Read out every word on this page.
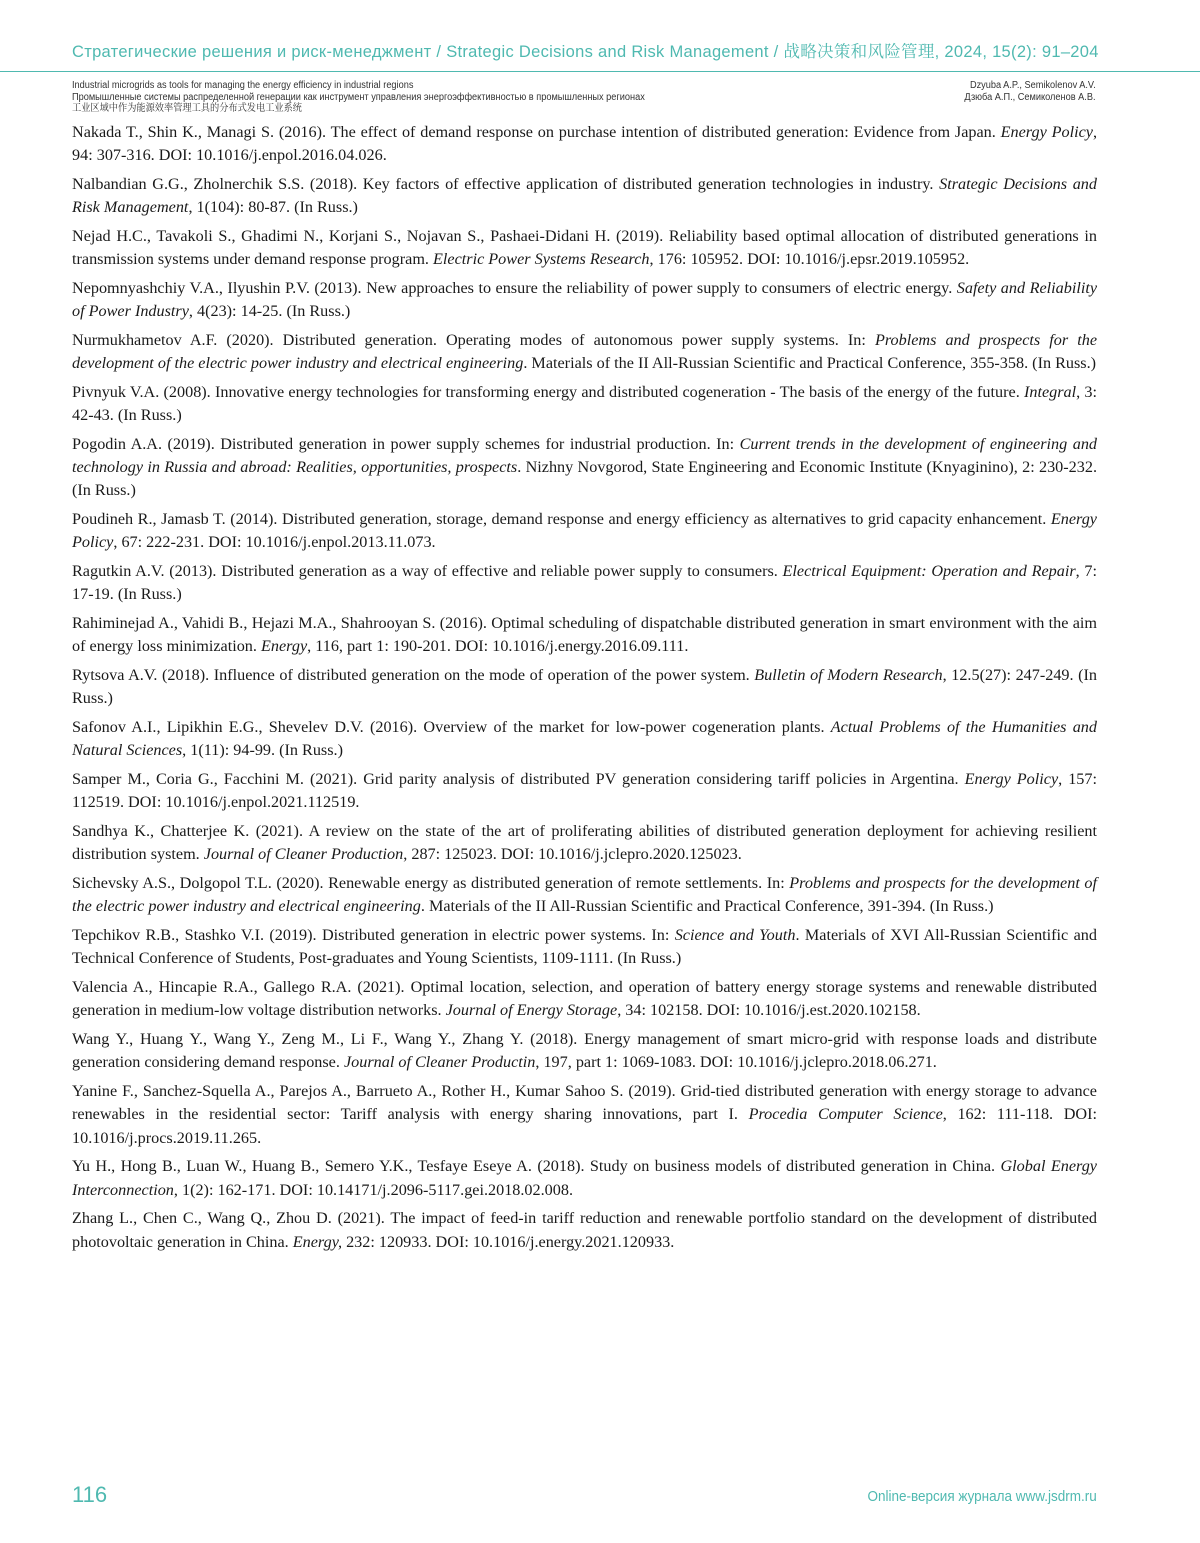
Стратегические решения и риск-менеджмент / Strategic Decisions and Risk Management / 战略决策和风险管理, 2024, 15(2): 91–204
Industrial microgrids as tools for managing the energy efficiency in industrial regions	Dzyuba A.P., Semikolenov A.V.
Промышленные системы распределенной генерации как инструмент управления энергоэффективностью в промышленных регионах	Дзюба А.П., Семиколенов А.В.
工业区域中作为能源效率管理工具的分布式发电工业系统

Nakada T., Shin K., Managi S. (2016). The effect of demand response on purchase intention of distributed generation: Evidence from Japan. Energy Policy, 94: 307-316. DOI: 10.1016/j.enpol.2016.04.026.

Nalbandian G.G., Zholnerchik S.S. (2018). Key factors of effective application of distributed generation technologies in industry. Strategic Decisions and Risk Management, 1(104): 80-87. (In Russ.)

Nejad H.C., Tavakoli S., Ghadimi N., Korjani S., Nojavan S., Pashaei-Didani H. (2019). Reliability based optimal allocation of distributed generations in transmission systems under demand response program. Electric Power Systems Research, 176: 105952. DOI: 10.1016/j.epsr.2019.105952.

Nepomnyashchiy V.A., Ilyushin P.V. (2013). New approaches to ensure the reliability of power supply to consumers of electric energy. Safety and Reliability of Power Industry, 4(23): 14-25. (In Russ.)

Nurmukhametov A.F. (2020). Distributed generation. Operating modes of autonomous power supply systems. In: Problems and prospects for the development of the electric power industry and electrical engineering. Materials of the II All-Russian Scientific and Practical Conference, 355-358. (In Russ.)

Pivnyuk V.A. (2008). Innovative energy technologies for transforming energy and distributed cogeneration - The basis of the energy of the future. Integral, 3: 42-43. (In Russ.)

Pogodin A.A. (2019). Distributed generation in power supply schemes for industrial production. In: Current trends in the development of engineering and technology in Russia and abroad: Realities, opportunities, prospects. Nizhny Novgorod, State Engineering and Economic Institute (Knyaginino), 2: 230-232. (In Russ.)

Poudineh R., Jamasb T. (2014). Distributed generation, storage, demand response and energy efficiency as alternatives to grid capacity enhancement. Energy Policy, 67: 222-231. DOI: 10.1016/j.enpol.2013.11.073.

Ragutkin A.V. (2013). Distributed generation as a way of effective and reliable power supply to consumers. Electrical Equipment: Operation and Repair, 7: 17-19. (In Russ.)

Rahiminejad A., Vahidi B., Hejazi M.A., Shahrooyan S. (2016). Optimal scheduling of dispatchable distributed generation in smart environment with the aim of energy loss minimization. Energy, 116, part 1: 190-201. DOI: 10.1016/j.energy.2016.09.111.

Rytsova A.V. (2018). Influence of distributed generation on the mode of operation of the power system. Bulletin of Modern Research, 12.5(27): 247-249. (In Russ.)

Safonov A.I., Lipikhin E.G., Shevelev D.V. (2016). Overview of the market for low-power cogeneration plants. Actual Problems of the Humanities and Natural Sciences, 1(11): 94-99. (In Russ.)

Samper M., Coria G., Facchini M. (2021). Grid parity analysis of distributed PV generation considering tariff policies in Argentina. Energy Policy, 157: 112519. DOI: 10.1016/j.enpol.2021.112519.

Sandhya K., Chatterjee K. (2021). A review on the state of the art of proliferating abilities of distributed generation deployment for achieving resilient distribution system. Journal of Cleaner Production, 287: 125023. DOI: 10.1016/j.jclepro.2020.125023.

Sichevsky A.S., Dolgopol T.L. (2020). Renewable energy as distributed generation of remote settlements. In: Problems and prospects for the development of the electric power industry and electrical engineering. Materials of the II All-Russian Scientific and Practical Conference, 391-394. (In Russ.)

Tepchikov R.B., Stashko V.I. (2019). Distributed generation in electric power systems. In: Science and Youth. Materials of XVI All-Russian Scientific and Technical Conference of Students, Post-graduates and Young Scientists, 1109-1111. (In Russ.)

Valencia A., Hincapie R.A., Gallego R.A. (2021). Optimal location, selection, and operation of battery energy storage systems and renewable distributed generation in medium-low voltage distribution networks. Journal of Energy Storage, 34: 102158. DOI: 10.1016/j.est.2020.102158.

Wang Y., Huang Y., Wang Y., Zeng M., Li F., Wang Y., Zhang Y. (2018). Energy management of smart micro-grid with response loads and distribute generation considering demand response. Journal of Cleaner Productin, 197, part 1: 1069-1083. DOI: 10.1016/j.jclepro.2018.06.271.

Yanine F., Sanchez-Squella A., Parejos A., Barrueto A., Rother H., Kumar Sahoo S. (2019). Grid-tied distributed generation with energy storage to advance renewables in the residential sector: Tariff analysis with energy sharing innovations, part I. Procedia Computer Science, 162: 111-118. DOI: 10.1016/j.procs.2019.11.265.

Yu H., Hong B., Luan W., Huang B., Semero Y.K., Tesfaye Eseye A. (2018). Study on business models of distributed generation in China. Global Energy Interconnection, 1(2): 162-171. DOI: 10.14171/j.2096-5117.gei.2018.02.008.

Zhang L., Chen C., Wang Q., Zhou D. (2021). The impact of feed-in tariff reduction and renewable portfolio standard on the development of distributed photovoltaic generation in China. Energy, 232: 120933. DOI: 10.1016/j.energy.2021.120933.

116	Online-версия журнала www.jsdrm.ru
